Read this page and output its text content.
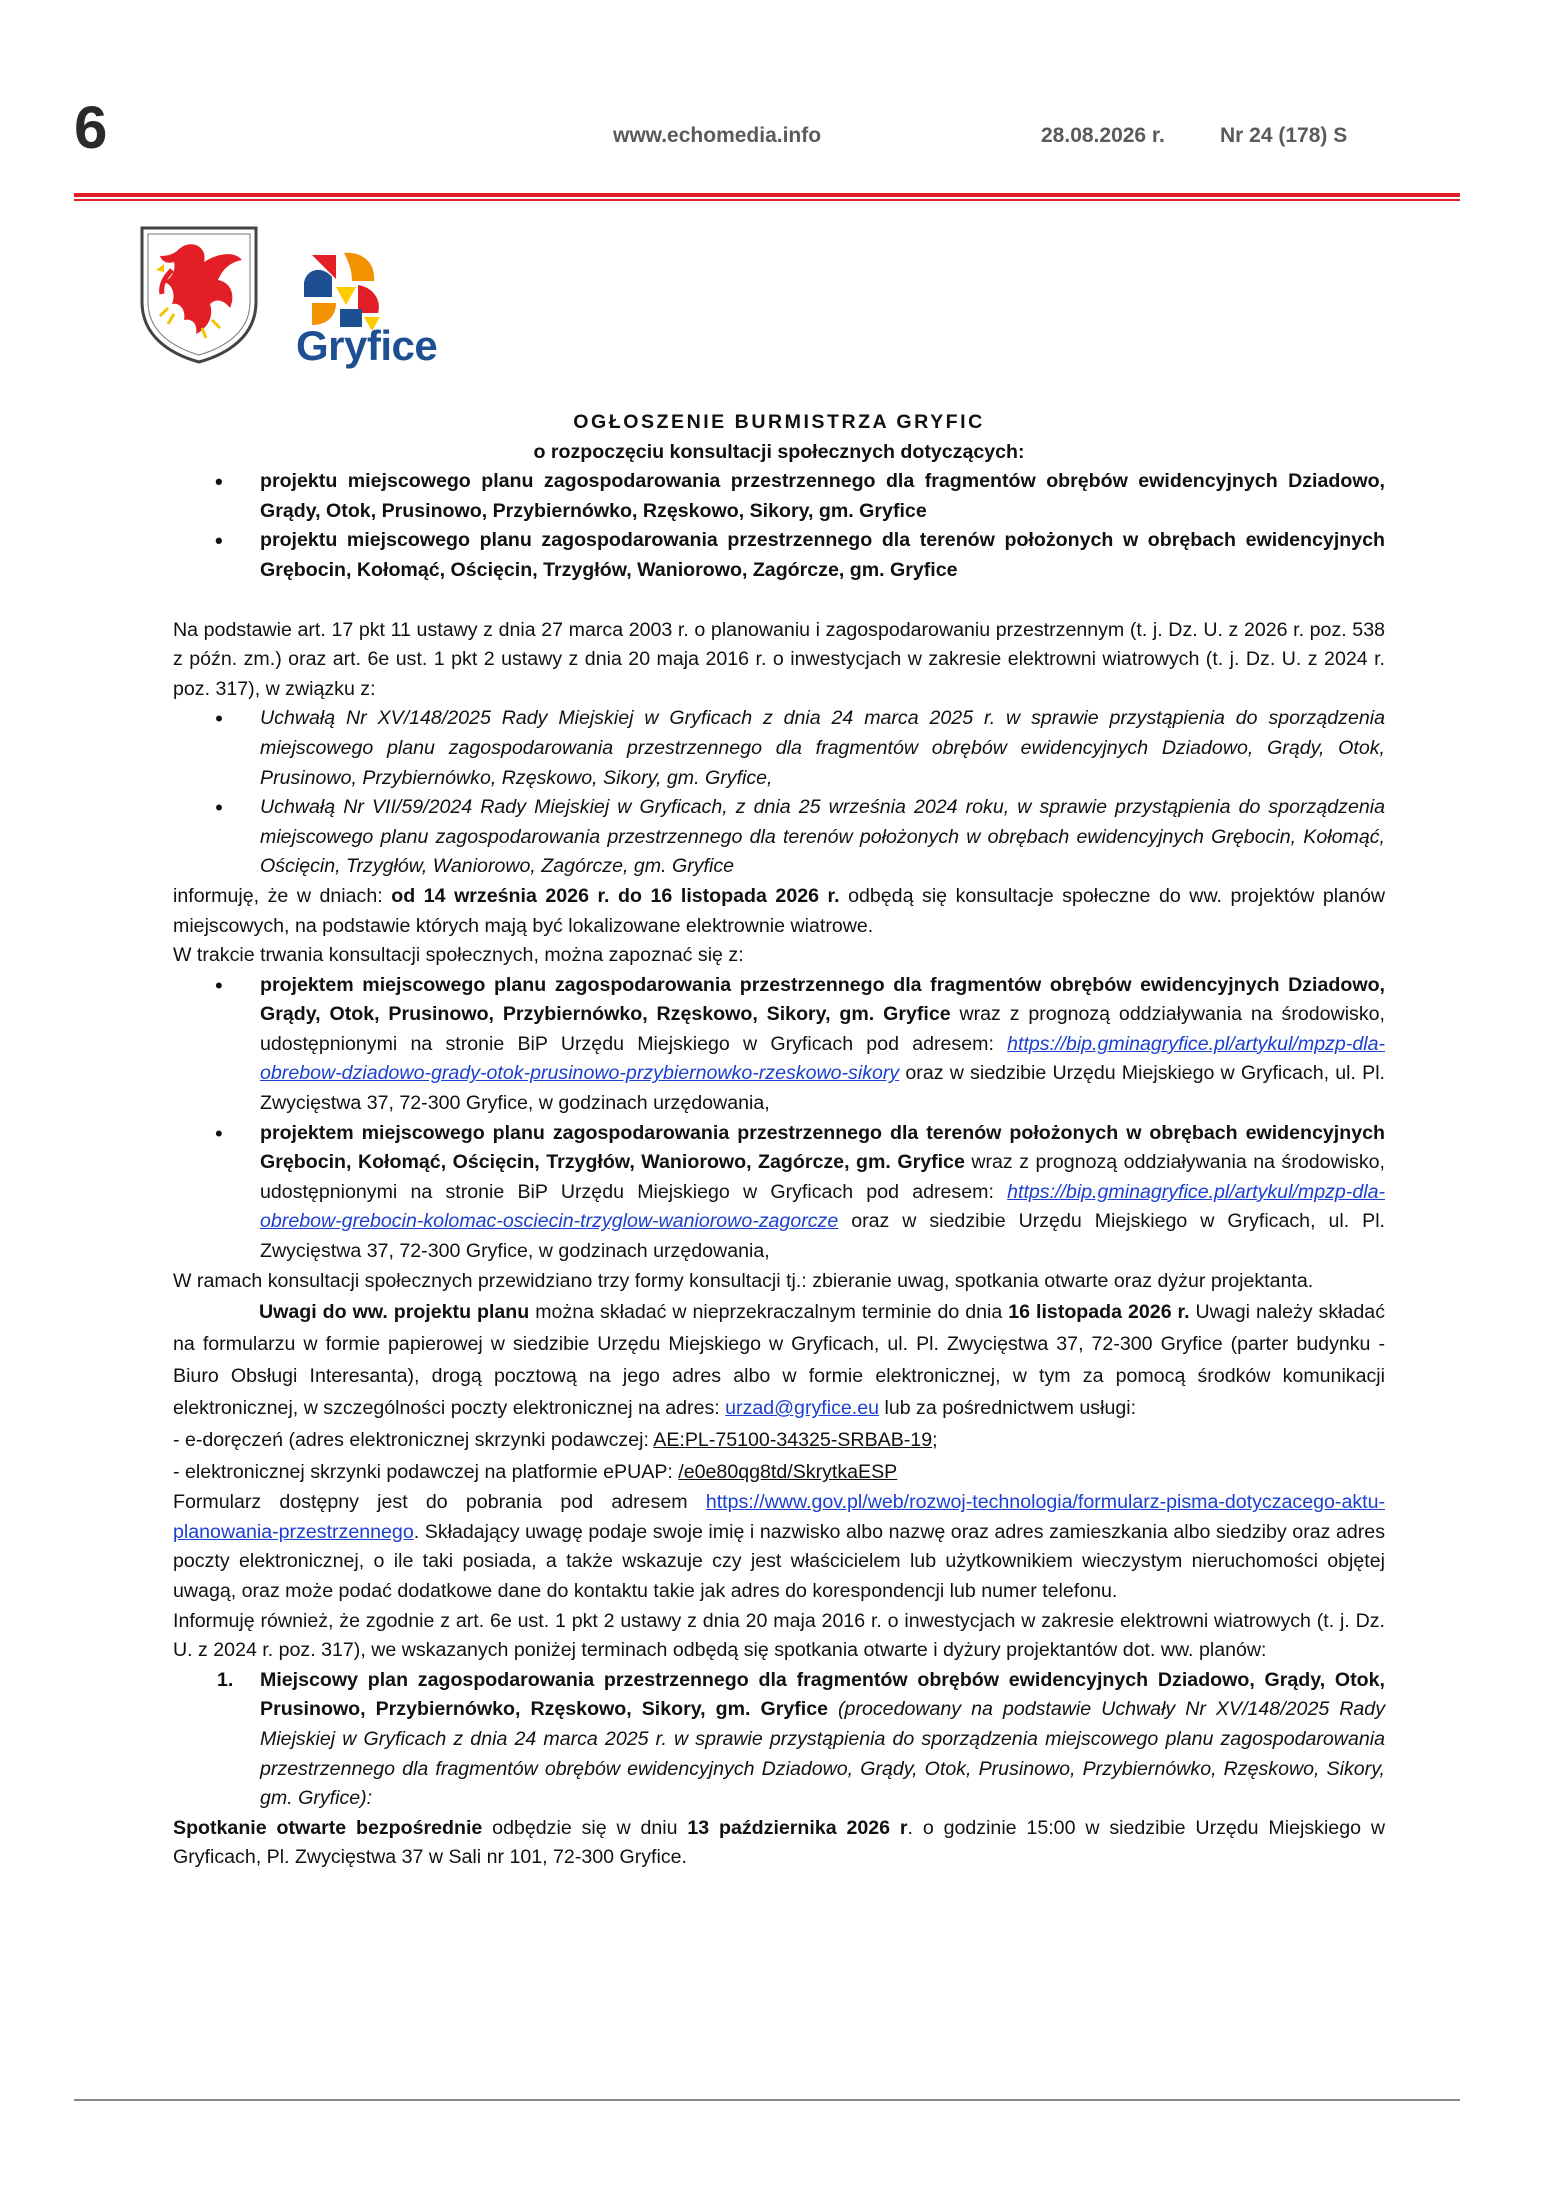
6	www.echomedia.info	28.08.2026 r.	Nr 24 (178) S
Gryfice
OGŁOSZENIE BURMISTRZA GRYFIC
o rozpoczęciu konsultacji społecznych dotyczących:
• projektu miejscowego planu zagospodarowania przestrzennego dla fragmentów obrębów ewidencyjnych Dziadowo, Grądy, Otok, Prusinowo, Przybiernówko, Rzęskowo, Sikory, gm. Gryfice
• projektu miejscowego planu zagospodarowania przestrzennego dla terenów położonych w obrębach ewidencyjnych Grębocin, Kołomąć, Ościęcin, Trzygłów, Waniorowo, Zagórcze, gm. Gryfice

Na podstawie art. 17 pkt 11 ustawy z dnia 27 marca 2003 r. o planowaniu i zagospodarowaniu przestrzennym (t. j. Dz. U. z 2026 r. poz. 538 z późn. zm.) oraz art. 6e ust. 1 pkt 2 ustawy z dnia 20 maja 2016 r. o inwestycjach w zakresie elektrowni wiatrowych (t. j. Dz. U. z 2024 r. poz. 317), w związku z:

• Uchwałą Nr XV/148/2025 Rady Miejskiej w Gryficach z dnia 24 marca 2025 r. w sprawie przystąpienia do sporządzenia miejscowego planu zagospodarowania przestrzennego dla fragmentów obrębów ewidencyjnych Dziadowo, Grądy, Otok, Prusinowo, Przybiernówko, Rzęskowo, Sikory, gm. Gryfice,
• Uchwałą Nr VII/59/2024 Rady Miejskiej w Gryficach, z dnia 25 września 2024 roku, w sprawie przystąpienia do sporządzenia miejscowego planu zagospodarowania przestrzennego dla terenów położonych w obrębach ewidencyjnych Grębocin, Kołomąć, Ościęcin, Trzygłów, Waniorowo, Zagórcze, gm. Gryfice

informuję, że w dniach: od 14 września 2026 r. do 16 listopada 2026 r. odbędą się konsultacje społeczne do ww. projektów planów miejscowych, na podstawie których mają być lokalizowane elektrownie wiatrowe.

W trakcie trwania konsultacji społecznych, można zapoznać się z:

• projektem miejscowego planu zagospodarowania przestrzennego dla fragmentów obrębów ewidencyjnych Dziadowo, Grądy, Otok, Prusinowo, Przybiernówko, Rzęskowo, Sikory, gm. Gryfice wraz z prognozą oddziaływania na środowisko, udostępnionymi na stronie BiP Urzędu Miejskiego w Gryficach pod adresem: https://bip.gminagryfice.pl/artykul/mpzp-dla-obrebow-dziadowo-grady-otok-prusinowo-przybiernowko-rzeskowo-sikory oraz w siedzibie Urzędu Miejskiego w Gryficach, ul. Pl. Zwycięstwa 37, 72-300 Gryfice, w godzinach urzędowania,
• projektem miejscowego planu zagospodarowania przestrzennego dla terenów położonych w obrębach ewidencyjnych Grębocin, Kołomąć, Ościęcin, Trzygłów, Waniorowo, Zagórcze, gm. Gryfice wraz z prognozą oddziaływania na środowisko, udostępnionymi na stronie BiP Urzędu Miejskiego w Gryficach pod adresem: https://bip.gminagryfice.pl/artykul/mpzp-dla-obrebow-grebocin-kolomac-osciecin-trzyglow-waniorowo-zagorcze oraz w siedzibie Urzędu Miejskiego w Gryficach, ul. Pl. Zwycięstwa 37, 72-300 Gryfice, w godzinach urzędowania,

W ramach konsultacji społecznych przewidziano trzy formy konsultacji tj.: zbieranie uwag, spotkania otwarte oraz dyżur projektanta.

Uwagi do ww. projektu planu można składać w nieprzekraczalnym terminie do dnia 16 listopada 2026 r. Uwagi należy składać na formularzu w formie papierowej w siedzibie Urzędu Miejskiego w Gryficach, ul. Pl. Zwycięstwa 37, 72-300 Gryfice (parter budynku - Biuro Obsługi Interesanta), drogą pocztową na jego adres albo w formie elektronicznej, w tym za pomocą środków komunikacji elektronicznej, w szczególności poczty elektronicznej na adres: urzad@gryfice.eu lub za pośrednictwem usługi:

- e-doręczeń (adres elektronicznej skrzynki podawczej: AE:PL-75100-34325-SRBAB-19;

- elektronicznej skrzynki podawczej na platformie ePUAP: /e0e80qg8td/SkrytkaESP

Formularz dostępny jest do pobrania pod adresem https://www.gov.pl/web/rozwoj-technologia/formularz-pisma-dotyczacego-aktu-planowania-przestrzennego. Składający uwagę podaje swoje imię i nazwisko albo nazwę oraz adres zamieszkania albo siedziby oraz adres poczty elektronicznej, o ile taki posiada, a także wskazuje czy jest właścicielem lub użytkownikiem wieczystym nieruchomości objętej uwagą, oraz może podać dodatkowe dane do kontaktu takie jak adres do korespondencji lub numer telefonu.

Informuję również, że zgodnie z art. 6e ust. 1 pkt 2 ustawy z dnia 20 maja 2016 r. o inwestycjach w zakresie elektrowni wiatrowych (t. j. Dz. U. z 2024 r. poz. 317), we wskazanych poniżej terminach odbędą się spotkania otwarte i dyżury projektantów dot. ww. planów:

1. Miejscowy plan zagospodarowania przestrzennego dla fragmentów obrębów ewidencyjnych Dziadowo, Grądy, Otok, Prusinowo, Przybiernówko, Rzęskowo, Sikory, gm. Gryfice (procedowany na podstawie Uchwały Nr XV/148/2025 Rady Miejskiej w Gryficach z dnia 24 marca 2025 r. w sprawie przystąpienia do sporządzenia miejscowego planu zagospodarowania przestrzennego dla fragmentów obrębów ewidencyjnych Dziadowo, Grądy, Otok, Prusinowo, Przybiernówko, Rzęskowo, Sikory, gm. Gryfice):

Spotkanie otwarte bezpośrednie odbędzie się w dniu 13 października 2026 r. o godzinie 15:00 w siedzibie Urzędu Miejskiego w Gryficach, Pl. Zwycięstwa 37 w Sali nr 101, 72-300 Gryfice.
